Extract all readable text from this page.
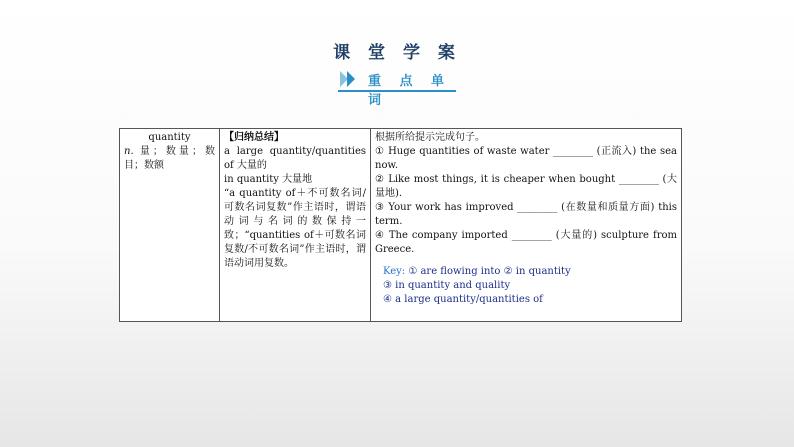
课 堂 学 案
重 点 单 词
quantity
n. 量；数量；数目；数额

【归纳总结】
a large quantity/quantities of 大量的
in quantity 大量地
“a quantity of＋不可数名词/可数名词复数”作主语时，谓语动词与名词的数保持一致；“quantities of＋可数名词复数/不可数名词”作主语时，谓语动词用复数。

根据所给提示完成句子。
① Huge quantities of waste water ________ (正流入) the sea now.
② Like most things, it is cheaper when bought ________ (大量地).
③ Your work has improved ________ (在数量和质量方面) this term.
④ The company imported ________ (大量的) sculpture from Greece.
Key: ① are flowing into ② in quantity
③ in quantity and quality
④ a large quantity/quantities of
